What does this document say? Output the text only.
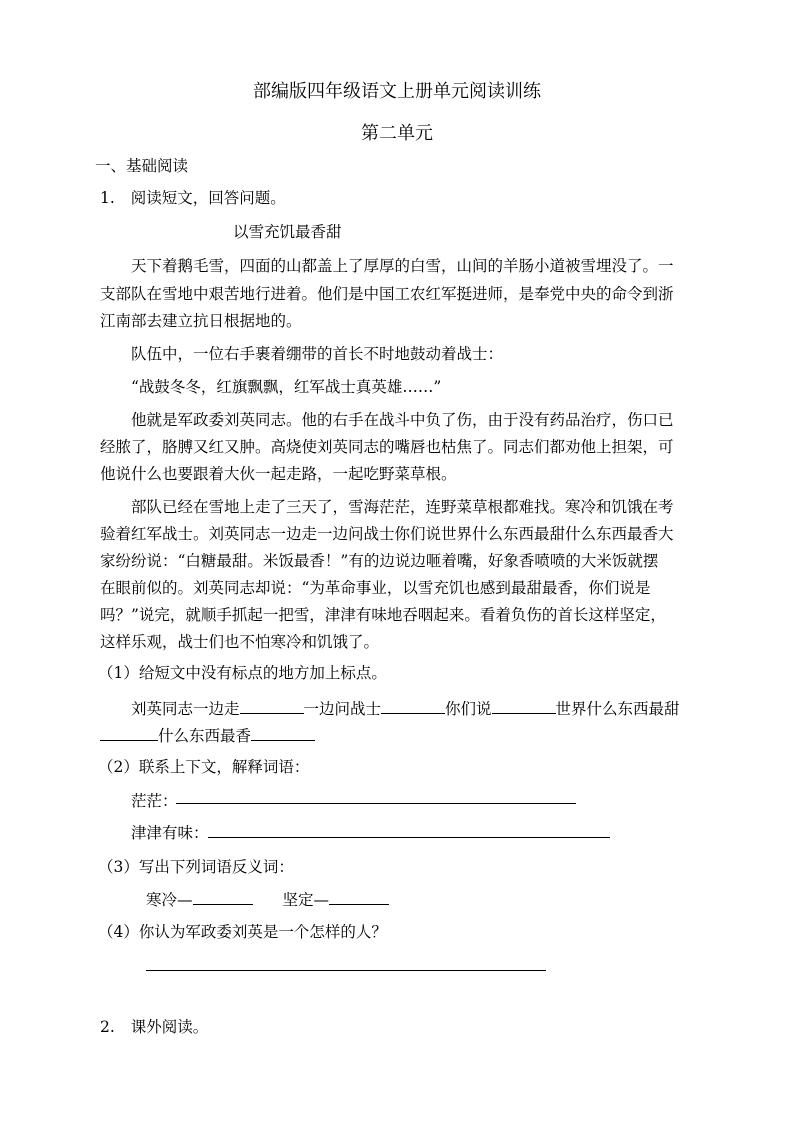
部编版四年级语文上册单元阅读训练
第二单元
一、基础阅读
1. 阅读短文，回答问题。
以雪充饥最香甜
天下着鹅毛雪，四面的山都盖上了厚厚的白雪，山间的羊肠小道被雪埋没了。一
支部队在雪地中艰苦地行进着。他们是中国工农红军挺进师，是奉党中央的命令到浙
江南部去建立抗日根据地的。
队伍中，一位右手裹着绷带的首长不时地鼓动着战士：
“战鼓冬冬，红旗飘飘，红军战士真英雄……”
他就是军政委刘英同志。他的右手在战斗中负了伤，由于没有药品治疗，伤口已
经脓了，胳膊又红又肿。高烧使刘英同志的嘴唇也枯焦了。同志们都劝他上担架，可
他说什么也要跟着大伙一起走路，一起吃野菜草根。
部队已经在雪地上走了三天了，雪海茫茫，连野菜草根都难找。寒冷和饥饿在考
验着红军战士。刘英同志一边走一边问战士你们说世界什么东西最甜什么东西最香大
家纷纷说：“白糖最甜。米饭最香！”有的边说边咂着嘴，好象香喷喷的大米饭就摆
在眼前似的。刘英同志却说：“为革命事业，以雪充饥也感到最甜最香，你们说是
吗？”说完，就顺手抓起一把雪，津津有味地吞咽起来。看着负伤的首长这样坚定，
这样乐观，战士们也不怕寒冷和饥饿了。
（1）给短文中没有标点的地方加上标点。
刘英同志一边走	一边问战士	你们说	世界什么东西最甜
什么东西最香
（2）联系上下文，解释词语：
茫茫：
津津有味：
（3）写出下列词语反义词：
寒冷—	坚定—
（4）你认为军政委刘英是一个怎样的人？
2. 课外阅读。
